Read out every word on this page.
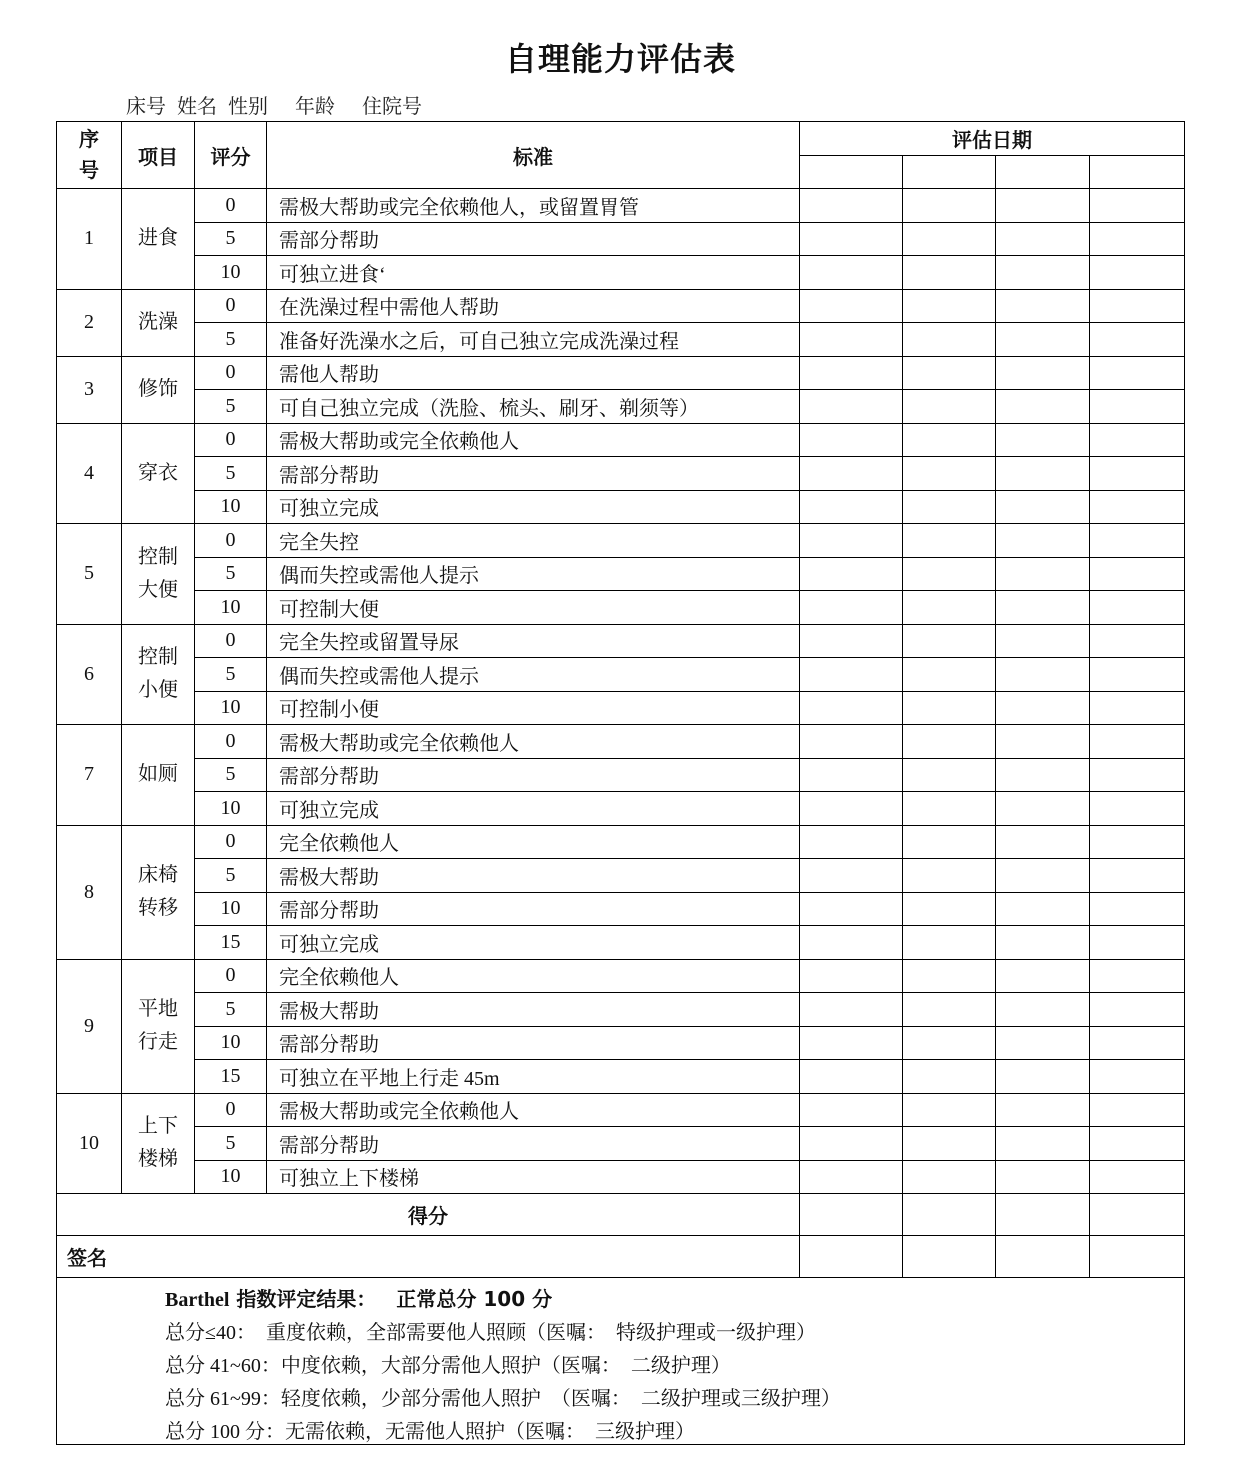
自理能力评估表
床号 姓名 性别 年龄 住院号
序号	项目	评分	标准	评估日期			

1	进食	0	需极大帮助或完全依赖他人，或留置胃管				
		5	需部分帮助				
		10	可独立进食‘				
2	洗澡	0	在洗澡过程中需他人帮助				
		5	准备好洗澡水之后，可自己独立完成洗澡过程				
3	修饰	0	需他人帮助				
		5	可自己独立完成（洗脸、梳头、刷牙、剃须等）				
4	穿衣	0	需极大帮助或完全依赖他人				
		5	需部分帮助				
		10	可独立完成				
5	控制大便	0	完全失控				
		5	偶而失控或需他人提示				
		10	可控制大便				
6	控制小便	0	完全失控或留置导尿				
		5	偶而失控或需他人提示				
		10	可控制小便				
7	如厕	0	需极大帮助或完全依赖他人				
		5	需部分帮助				
		10	可独立完成				
8	床椅转移	0	完全依赖他人				
		5	需极大帮助				
		10	需部分帮助				
		15	可独立完成				
9	平地行走	0	完全依赖他人				
		5	需极大帮助				
		10	需部分帮助				
		15	可独立在平地上行走 45m				
10	上下楼梯	0	需极大帮助或完全依赖他人				
		5	需部分帮助				
		10	可独立上下楼梯				
得分							
签名							

Barthel 指数评定结果： 正常总分 100 分
总分≤40：　重度依赖，全部需要他人照顾（医嘱：　特级护理或一级护理）
总分 41~60：中度依赖，大部分需他人照护（医嘱：　二级护理）
总分 61~99：轻度依赖，少部分需他人照护　（医嘱：　二级护理或三级护理）
总分 100 分：无需依赖，无需他人照护（医嘱：　三级护理）							
